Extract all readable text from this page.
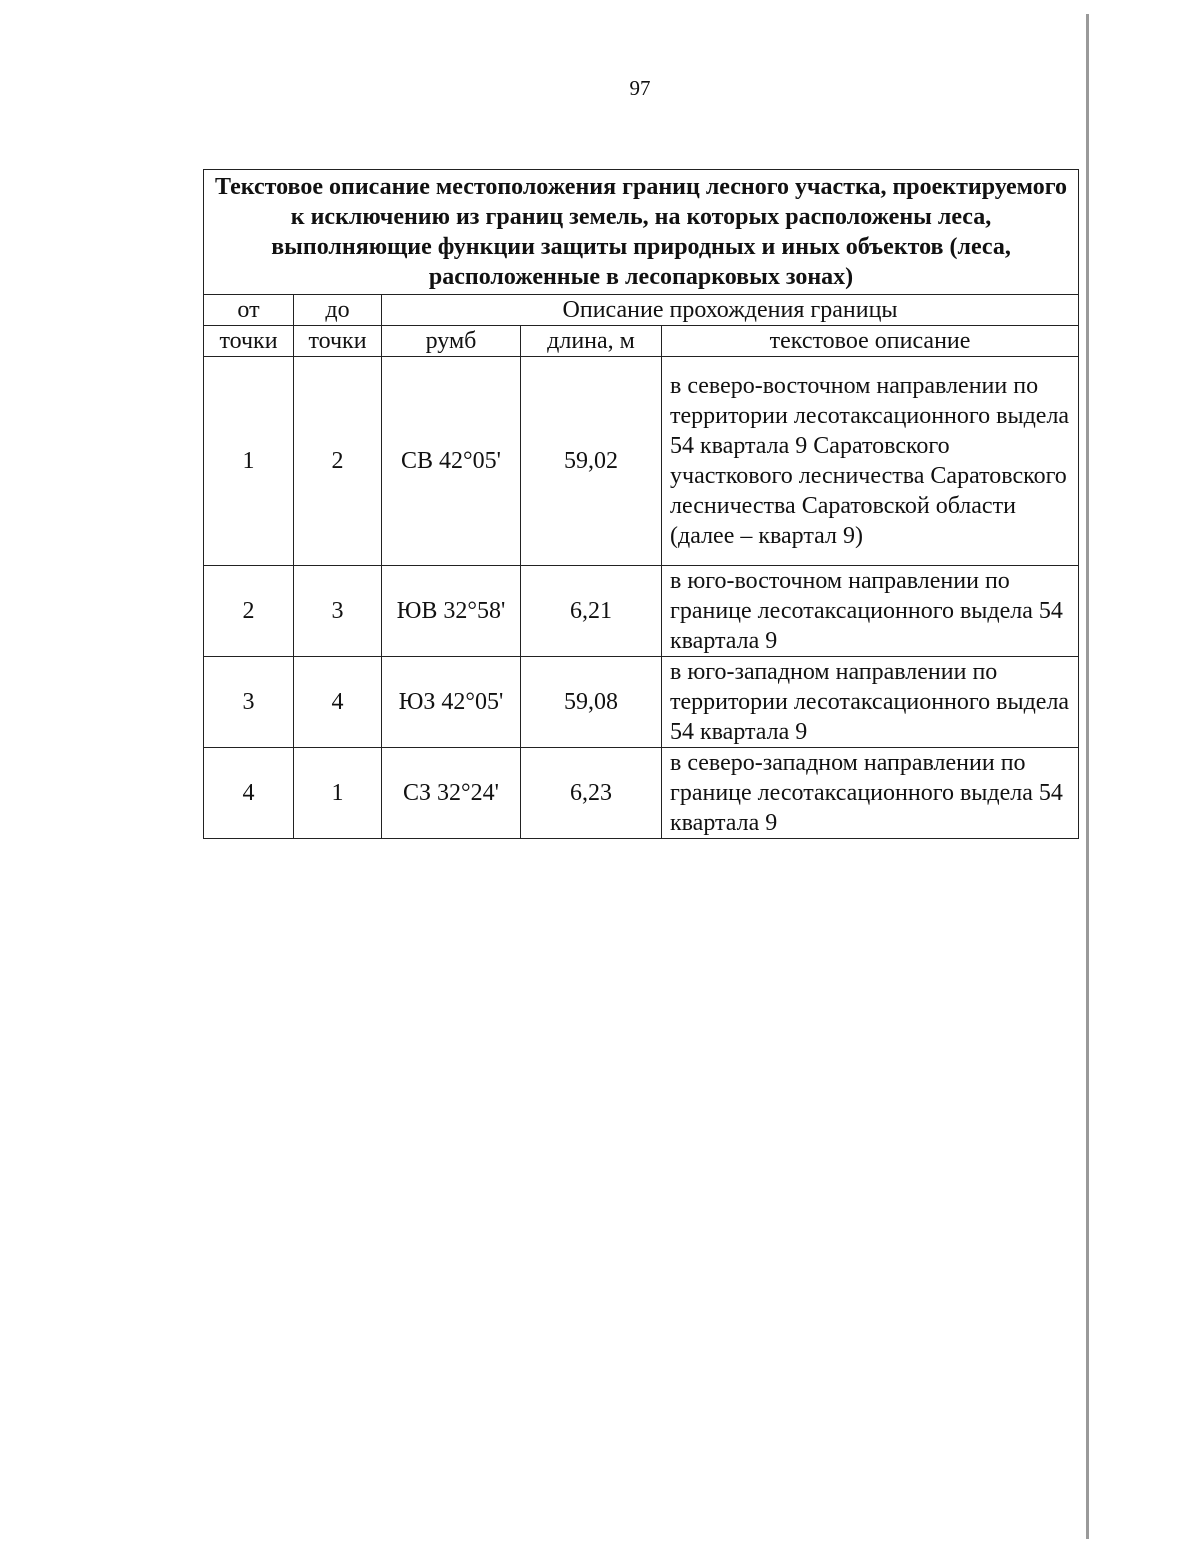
97
Текстовое описание местоположения границ лесного участка, проектируемого к исключению из границ земель, на которых расположены леса, выполняющие функции защиты природных и иных объектов (леса, расположенные в лесопарковых зонах)				
от	до	Описание прохождения границы		
точки	точки	румб	длина, м	текстовое описание
1	2	СВ 42°05'	59,02	в северо-восточном направлении по территории лесотаксационного выдела 54 квартала 9 Саратовского участкового лесничества Саратовского лесничества Саратовской области (далее – квартал 9)
2	3	ЮВ 32°58'	6,21	в юго-восточном направлении по границе лесотаксационного выдела 54 квартала 9
3	4	ЮЗ 42°05'	59,08	в юго-западном направлении по территории лесотаксационного выдела 54 квартала 9
4	1	СЗ 32°24'	6,23	в северо-западном направлении по границе лесотаксационного выдела 54 квартала 9
